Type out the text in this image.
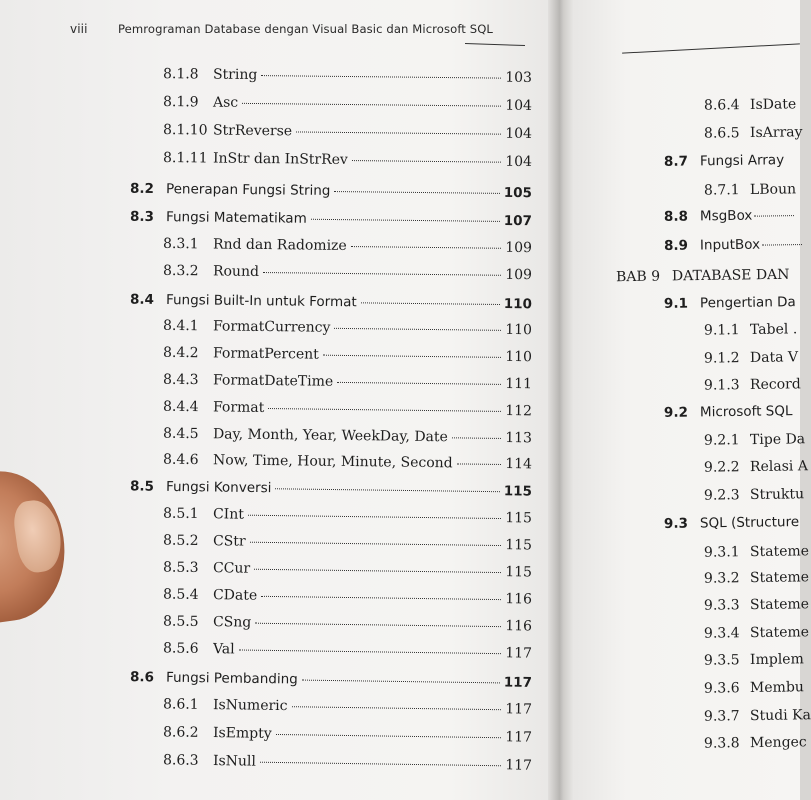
viii	Pemrograman Database dengan Visual Basic dan Microsoft SQL
8.1.8	String	103
8.1.9	Asc	104
8.1.10 StrReverse	104
8.1.11 InStr dan InStrRev	104
8.2 Penerapan Fungsi String	105
8.3 Fungsi Matematikam	107
8.3.1	Rnd dan Radomize	109
8.3.2	Round	109
8.4 Fungsi Built-In untuk Format	110
8.4.1	FormatCurrency	110
8.4.2	FormatPercent	110
8.4.3	FormatDateTime	111
8.4.4	Format	112
8.4.5	Day, Month, Year, WeekDay, Date	113
8.4.6	Now, Time, Hour, Minute, Second	114
8.5 Fungsi Konversi	115
8.5.1	CInt	115
8.5.2	CStr	115
8.5.3	CCur	115
8.5.4	CDate	116
8.5.5	CSng	116
8.5.6	Val	117
8.6 Fungsi Pembanding	117
8.6.1	IsNumeric	117
8.6.2	IsEmpty	117
8.6.3	IsNull	117
8.6.4 IsDate
8.6.5 IsArray
8.7 Fungsi Array
8.7.1 LBoun
8.8 MsgBox
8.9 InputBox
BAB 9 DATABASE DAN
9.1 Pengertian Da
9.1.1 Tabel .
9.1.2 Data V
9.1.3 Record
9.2 Microsoft SQL
9.2.1 Tipe Da
9.2.2 Relasi A
9.2.3 Struktu
9.3 SQL (Structure
9.3.1 Stateme
9.3.2 Stateme
9.3.3 Stateme
9.3.4 Stateme
9.3.5 Implem
9.3.6 Membu
9.3.7 Studi Ka
9.3.8 Mengec
